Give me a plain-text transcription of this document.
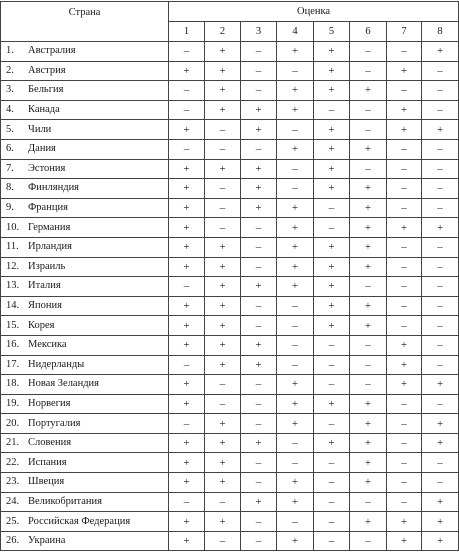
Страна	Оценка							
	1	2	3	4	5	6	7	8
1. Австралия	–	+	–	+	+	–	–	+
2. Австрия	+	+	–	–	+	–	+	–
3. Бельгия	–	+	–	+	+	+	–	–
4. Канада	–	+	+	+	–	–	+	–
5. Чили	+	–	+	–	+	–	+	+
6. Дания	–	–	–	+	+	+	–	–
7. Эстония	+	+	+	–	+	–	–	–
8. Финляндия	+	–	+	–	+	+	–	–
9. Франция	+	–	+	+	–	+	–	–
10. Германия	+	–	–	+	–	+	+	+
11. Ирландия	+	+	–	+	+	+	–	–
12. Израиль	+	+	–	+	+	+	–	–
13. Италия	–	+	+	+	+	–	–	–
14. Япония	+	+	–	–	+	+	–	–
15. Корея	+	+	–	–	+	+	–	–
16. Мексика	+	+	+	–	–	–	+	–
17. Нидерланды	–	+	+	–	–	–	+	–
18. Новая Зеландия	+	–	–	+	–	–	+	+
19. Норвегия	+	–	–	+	+	+	–	–
20. Португалия	–	+	–	+	–	+	–	+
21. Словения	+	+	+	–	+	+	–	+
22. Испания	+	+	–	–	–	+	–	–
23. Швеция	+	+	–	+	–	+	–	–
24. Великобритания	–	–	+	+	–	–	–	+
25. Российская Федерация	+	+	–	–	–	+	+	+
26. Украина	+	–	–	+	–	–	+	+
